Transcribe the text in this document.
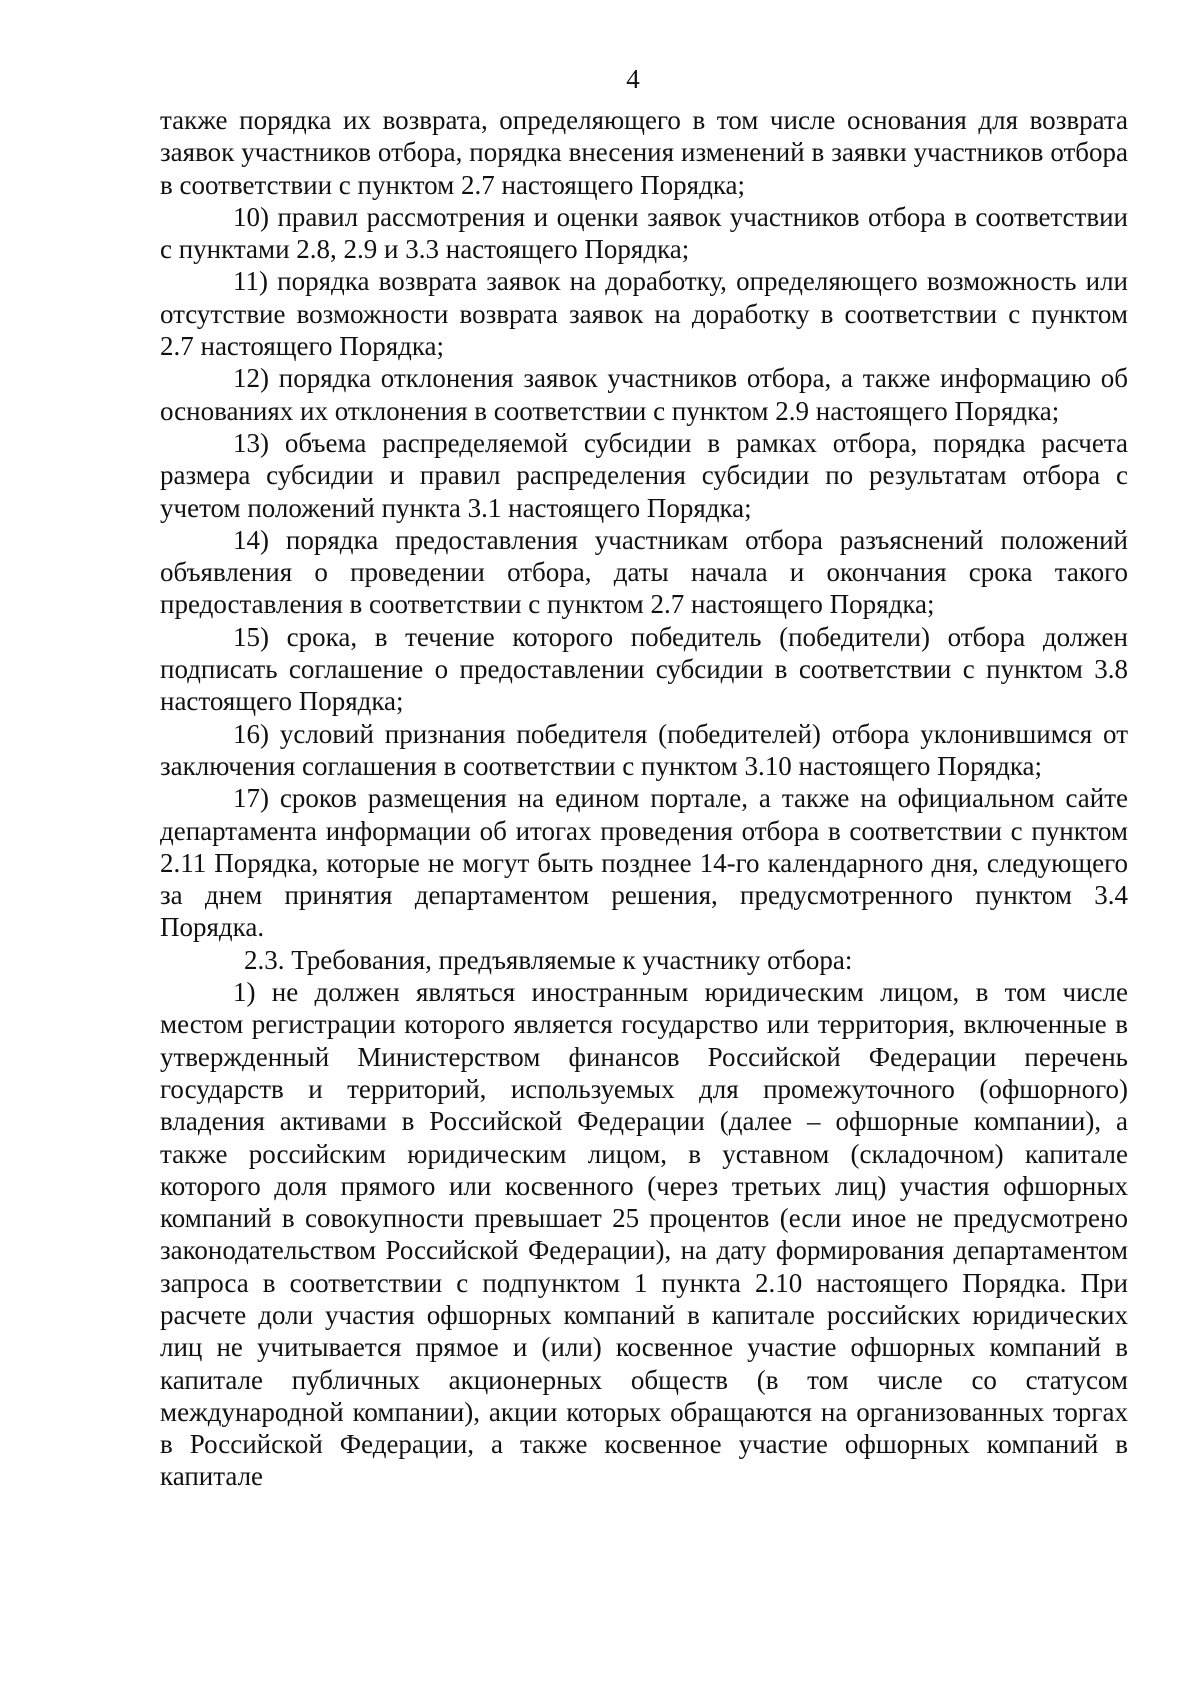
4

также порядка их возврата, определяющего в том числе основания для возврата заявок участников отбора, порядка внесения изменений в заявки участников отбора в соответствии с пунктом 2.7 настоящего Порядка;

10) правил рассмотрения и оценки заявок участников отбора в соответствии с пунктами 2.8, 2.9 и 3.3 настоящего Порядка;

11) порядка возврата заявок на доработку, определяющего возможность или отсутствие возможности возврата заявок на доработку в соответствии с пунктом 2.7 настоящего Порядка;

12) порядка отклонения заявок участников отбора, а также информацию об основаниях их отклонения в соответствии с пунктом 2.9 настоящего Порядка;

13) объема распределяемой субсидии в рамках отбора, порядка расчета размера субсидии и правил распределения субсидии по результатам отбора с учетом положений пункта 3.1 настоящего Порядка;

14) порядка предоставления участникам отбора разъяснений положений объявления о проведении отбора, даты начала и окончания срока такого предоставления в соответствии с пунктом 2.7 настоящего Порядка;

15) срока, в течение которого победитель (победители) отбора должен подписать соглашение о предоставлении субсидии в соответствии с пунктом 3.8 настоящего Порядка;

16) условий признания победителя (победителей) отбора уклонившимся от заключения соглашения в соответствии с пунктом 3.10 настоящего Порядка;

17) сроков размещения на едином портале, а также на официальном сайте департамента информации об итогах проведения отбора в соответствии с пунктом 2.11 Порядка, которые не могут быть позднее 14-го календарного дня, следующего за днем принятия департаментом решения, предусмотренного пунктом 3.4 Порядка.

2.3. Требования, предъявляемые к участнику отбора:

1) не должен являться иностранным юридическим лицом, в том числе местом регистрации которого является государство или территория, включенные в утвержденный Министерством финансов Российской Федерации перечень государств и территорий, используемых для промежуточного (офшорного) владения активами в Российской Федерации (далее – офшорные компании), а также российским юридическим лицом, в уставном (складочном) капитале которого доля прямого или косвенного (через третьих лиц) участия офшорных компаний в совокупности превышает 25 процентов (если иное не предусмотрено законодательством Российской Федерации), на дату формирования департаментом запроса в соответствии с подпунктом 1 пункта 2.10 настоящего Порядка. При расчете доли участия офшорных компаний в капитале российских юридических лиц не учитывается прямое и (или) косвенное участие офшорных компаний в капитале публичных акционерных обществ (в том числе со статусом международной компании), акции которых обращаются на организованных торгах в Российской Федерации, а также косвенное участие офшорных компаний в капитале
